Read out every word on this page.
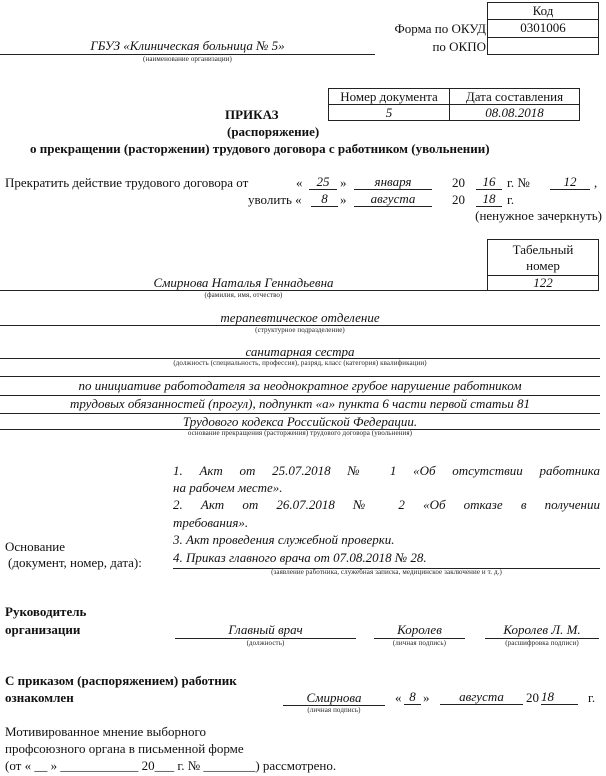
Код
0301006
Форма по ОКУД
по ОКПО
ГБУЗ «Клиническая больница № 5»
(наименование организации)
Номер документа	Дата составления
5	08.08.2018
ПРИКАЗ
(распоряжение)
о прекращении (расторжении) трудового договора с работником (увольнении)
Прекратить действие трудового договора от	«	25 »	января	20	16 г. №	12	,
уволить «	8 »	августа	20	18 г.
(ненужное зачеркнуть)
Табельный
номер
122
Смирнова Наталья Геннадьевна
(фамилия, имя, отчество)
терапевтическое отделение
(структурное подразделение)
санитарная сестра
(должность (специальность, профессия), разряд, класс (категория) квалификации)
по инициативе работодателя за неоднократное грубое нарушение работником
трудовых обязанностей (прогул), подпункт «а» пункта 6 части первой статьи 81
Трудового кодекса Российской Федерации.
основание прекращения (расторжения) трудового договора (увольнения)
1. Акт от 25.07.2018 № 1 «Об отсутствии работника
на рабочем месте».
2. Акт от 26.07.2018 № 2 «Об отказе в получении
требования».
3. Акт проведения служебной проверки.
4. Приказ главного врача от 07.08.2018 № 28.
(заявление работника, служебная записка, медицинское заключение и т. д.)
Основание
(документ, номер, дата):
Руководитель
организации	Главный врач
(должность)
Королев
(личная подпись)
Королев Л. М.
(расшифровка подписи)
С приказом (распоряжением) работник
ознакомлен	Смирнова
(личная подпись)
« 8 »	августа	20 18	г.
Мотивированное мнение выборного
профсоюзного органа в письменной форме
(от « __ » ____________ 20___ г. № ________) рассмотрено.
